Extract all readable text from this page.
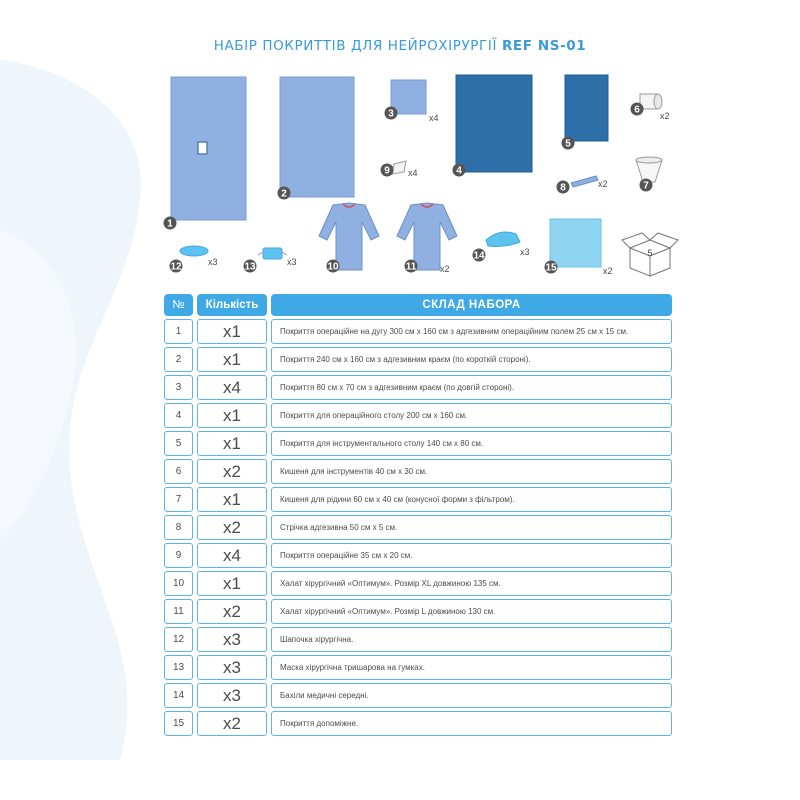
НАБІР ПОКРИТТІВ ДЛЯ НЕЙРОХІРУРГІЇ REF NS-01
1
2
3	x4
4
5
6
x2
7
8	x2
9 x4
10	11	x2
12	x3	13	x3
14	x3
15	x2
5
№	Кількість	СКЛАД НАБОРА
1	x1	Покриття операційне на дугу 300 см х 160 см з адгезивним операційним полем 25 см х 15 см.
2	x1	Покриття 240 см х 160 см з адгезивним краєм (по короткій стороні).
3	x4	Покриття 80 см х 70 см з адгезивним краєм (по довгій стороні).
4	x1	Покриття для операційного столу 200 см х 160 см.
5	x1	Покриття для інструментального столу 140 см х 80 см.
6	x2	Кишеня для інструментів 40 см х 30 см.
7	x1	Кишеня для рідини 60 см х 40 см (конусної форми з фільтром).
8	x2	Стрічка адгезивна 50 см х 5 см.
9	x4	Покриття операційне 35 см х 20 см.
10	x1	Халат хірургічний «Оптимум». Розмір XL довжиною 135 см.
11	x2	Халат хірургічний «Оптимум». Розмір L довжиною 130 см.
12	x3	Шапочка хірургічна.
13	x3	Маска хірургічна тришарова на гумках.
14	x3	Бахіли медичні середні.
15	x2	Покриття допоміжне.
